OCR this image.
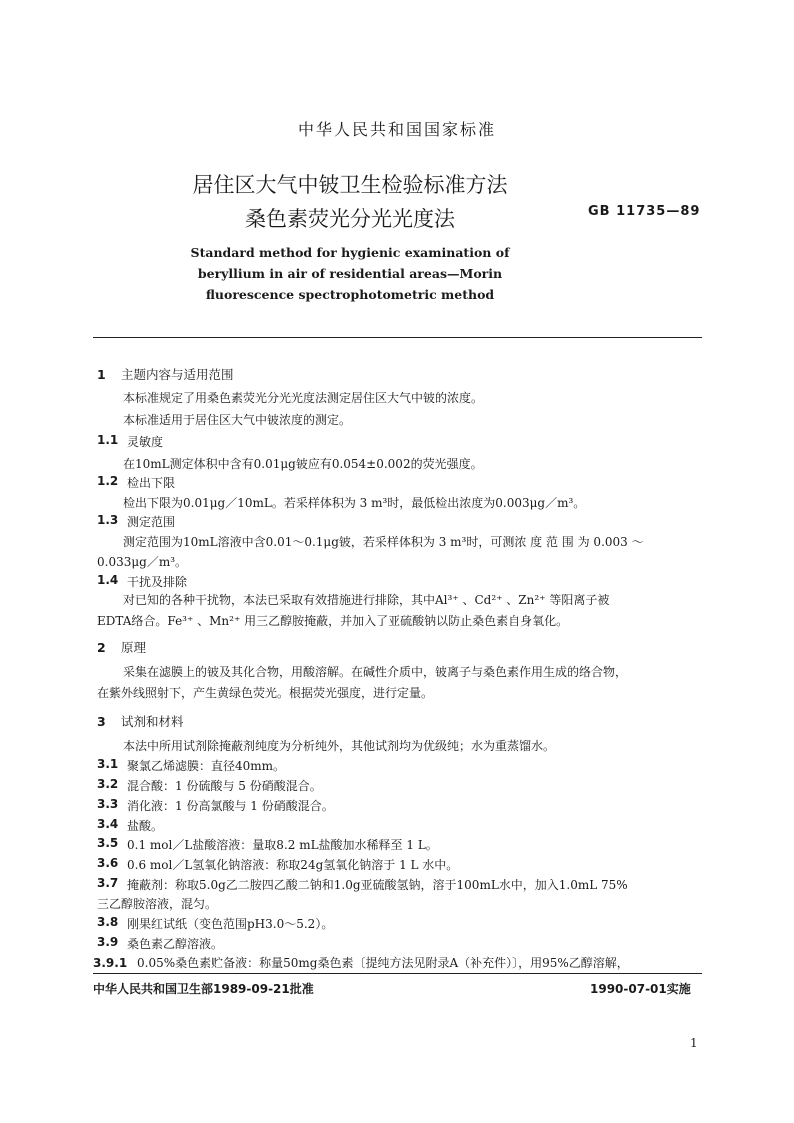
中华人民共和国国家标准
居住区大气中铍卫生检验标准方法
桑色素荧光分光光度法	GB 11735—89
Standard method for hygienic examination of
beryllium in air of residential areas—Morin
fluorescence spectrophotometric method
1 主题内容与适用范围
本标准规定了用桑色素荧光分光光度法测定居住区大气中铍的浓度。
本标准适用于居住区大气中铍浓度的测定。
1.1 灵敏度
在10mL测定体积中含有0.01μg铍应有0.054±0.002的荧光强度。
1.2 检出下限
检出下限为0.01μg／10mL。若采样体积为 3 m³时，最低检出浓度为0.003μg／m³。
1.3 测定范围
测定范围为10mL溶液中含0.01～0.1μg铍，若采样体积为 3 m³时，可测浓 度 范 围 为 0.003 ～
0.033μg／m³。
1.4 干扰及排除
对已知的各种干扰物，本法已采取有效措施进行排除，其中Al³⁺ 、Cd²⁺ 、Zn²⁺ 等阳离子被
EDTA络合。Fe³⁺ 、Mn²⁺ 用三乙醇胺掩蔽，并加入了亚硫酸钠以防止桑色素自身氧化。
2 原理
采集在滤膜上的铍及其化合物，用酸溶解。在碱性介质中，铍离子与桑色素作用生成的络合物，
在紫外线照射下，产生黄绿色荧光。根据荧光强度，进行定量。
3 试剂和材料
本法中所用试剂除掩蔽剂纯度为分析纯外，其他试剂均为优级纯；水为重蒸馏水。
3.1 聚氯乙烯滤膜：直径40mm。
3.2 混合酸：1 份硫酸与 5 份硝酸混合。
3.3 消化液：1 份高氯酸与 1 份硝酸混合。
3.4 盐酸。
3.5 0.1 mol／L盐酸溶液：量取8.2 mL盐酸加水稀释至 1 L。
3.6 0.6 mol／L氢氧化钠溶液：称取24g氢氧化钠溶于 1 L 水中。
3.7 掩蔽剂：称取5.0g乙二胺四乙酸二钠和1.0g亚硫酸氢钠，溶于100mL水中，加入1.0mL 75%
三乙醇胺溶液，混匀。
3.8 刚果红试纸（变色范围pH3.0～5.2）。
3.9 桑色素乙醇溶液。
3.9.1 0.05%桑色素贮备液：称量50mg桑色素〔提纯方法见附录A（补充件）〕，用95%乙醇溶解，
中华人民共和国卫生部1989-09-21批准	1990-07-01实施
1
